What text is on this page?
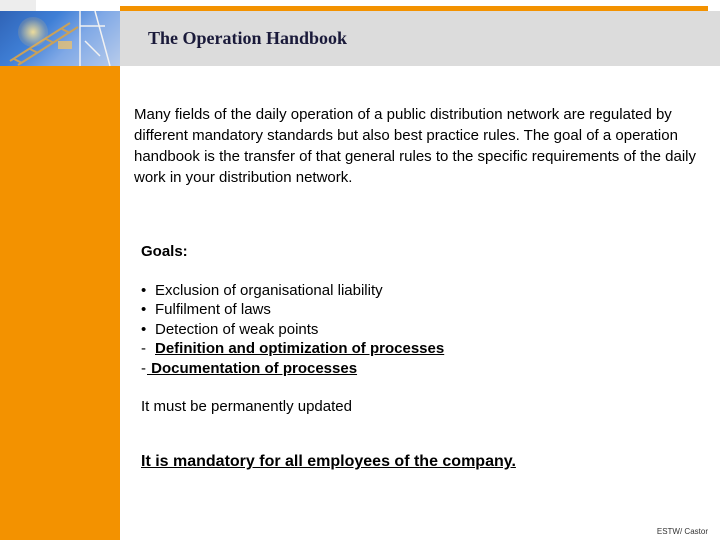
The Operation Handbook
Many fields of the daily operation of a public distribution network are regulated by different mandatory standards but also best practice rules. The goal of a operation handbook is the transfer of that general rules to the specific requirements of the daily work in your distribution network.
Goals:
• Exclusion of organisational liability
• Fulfilment of laws
• Detection of weak points
- Definition and optimization of processes
- Documentation of processes
It must be permanently updated
It is mandatory for all employees of the company.
ESTW/ Castor
